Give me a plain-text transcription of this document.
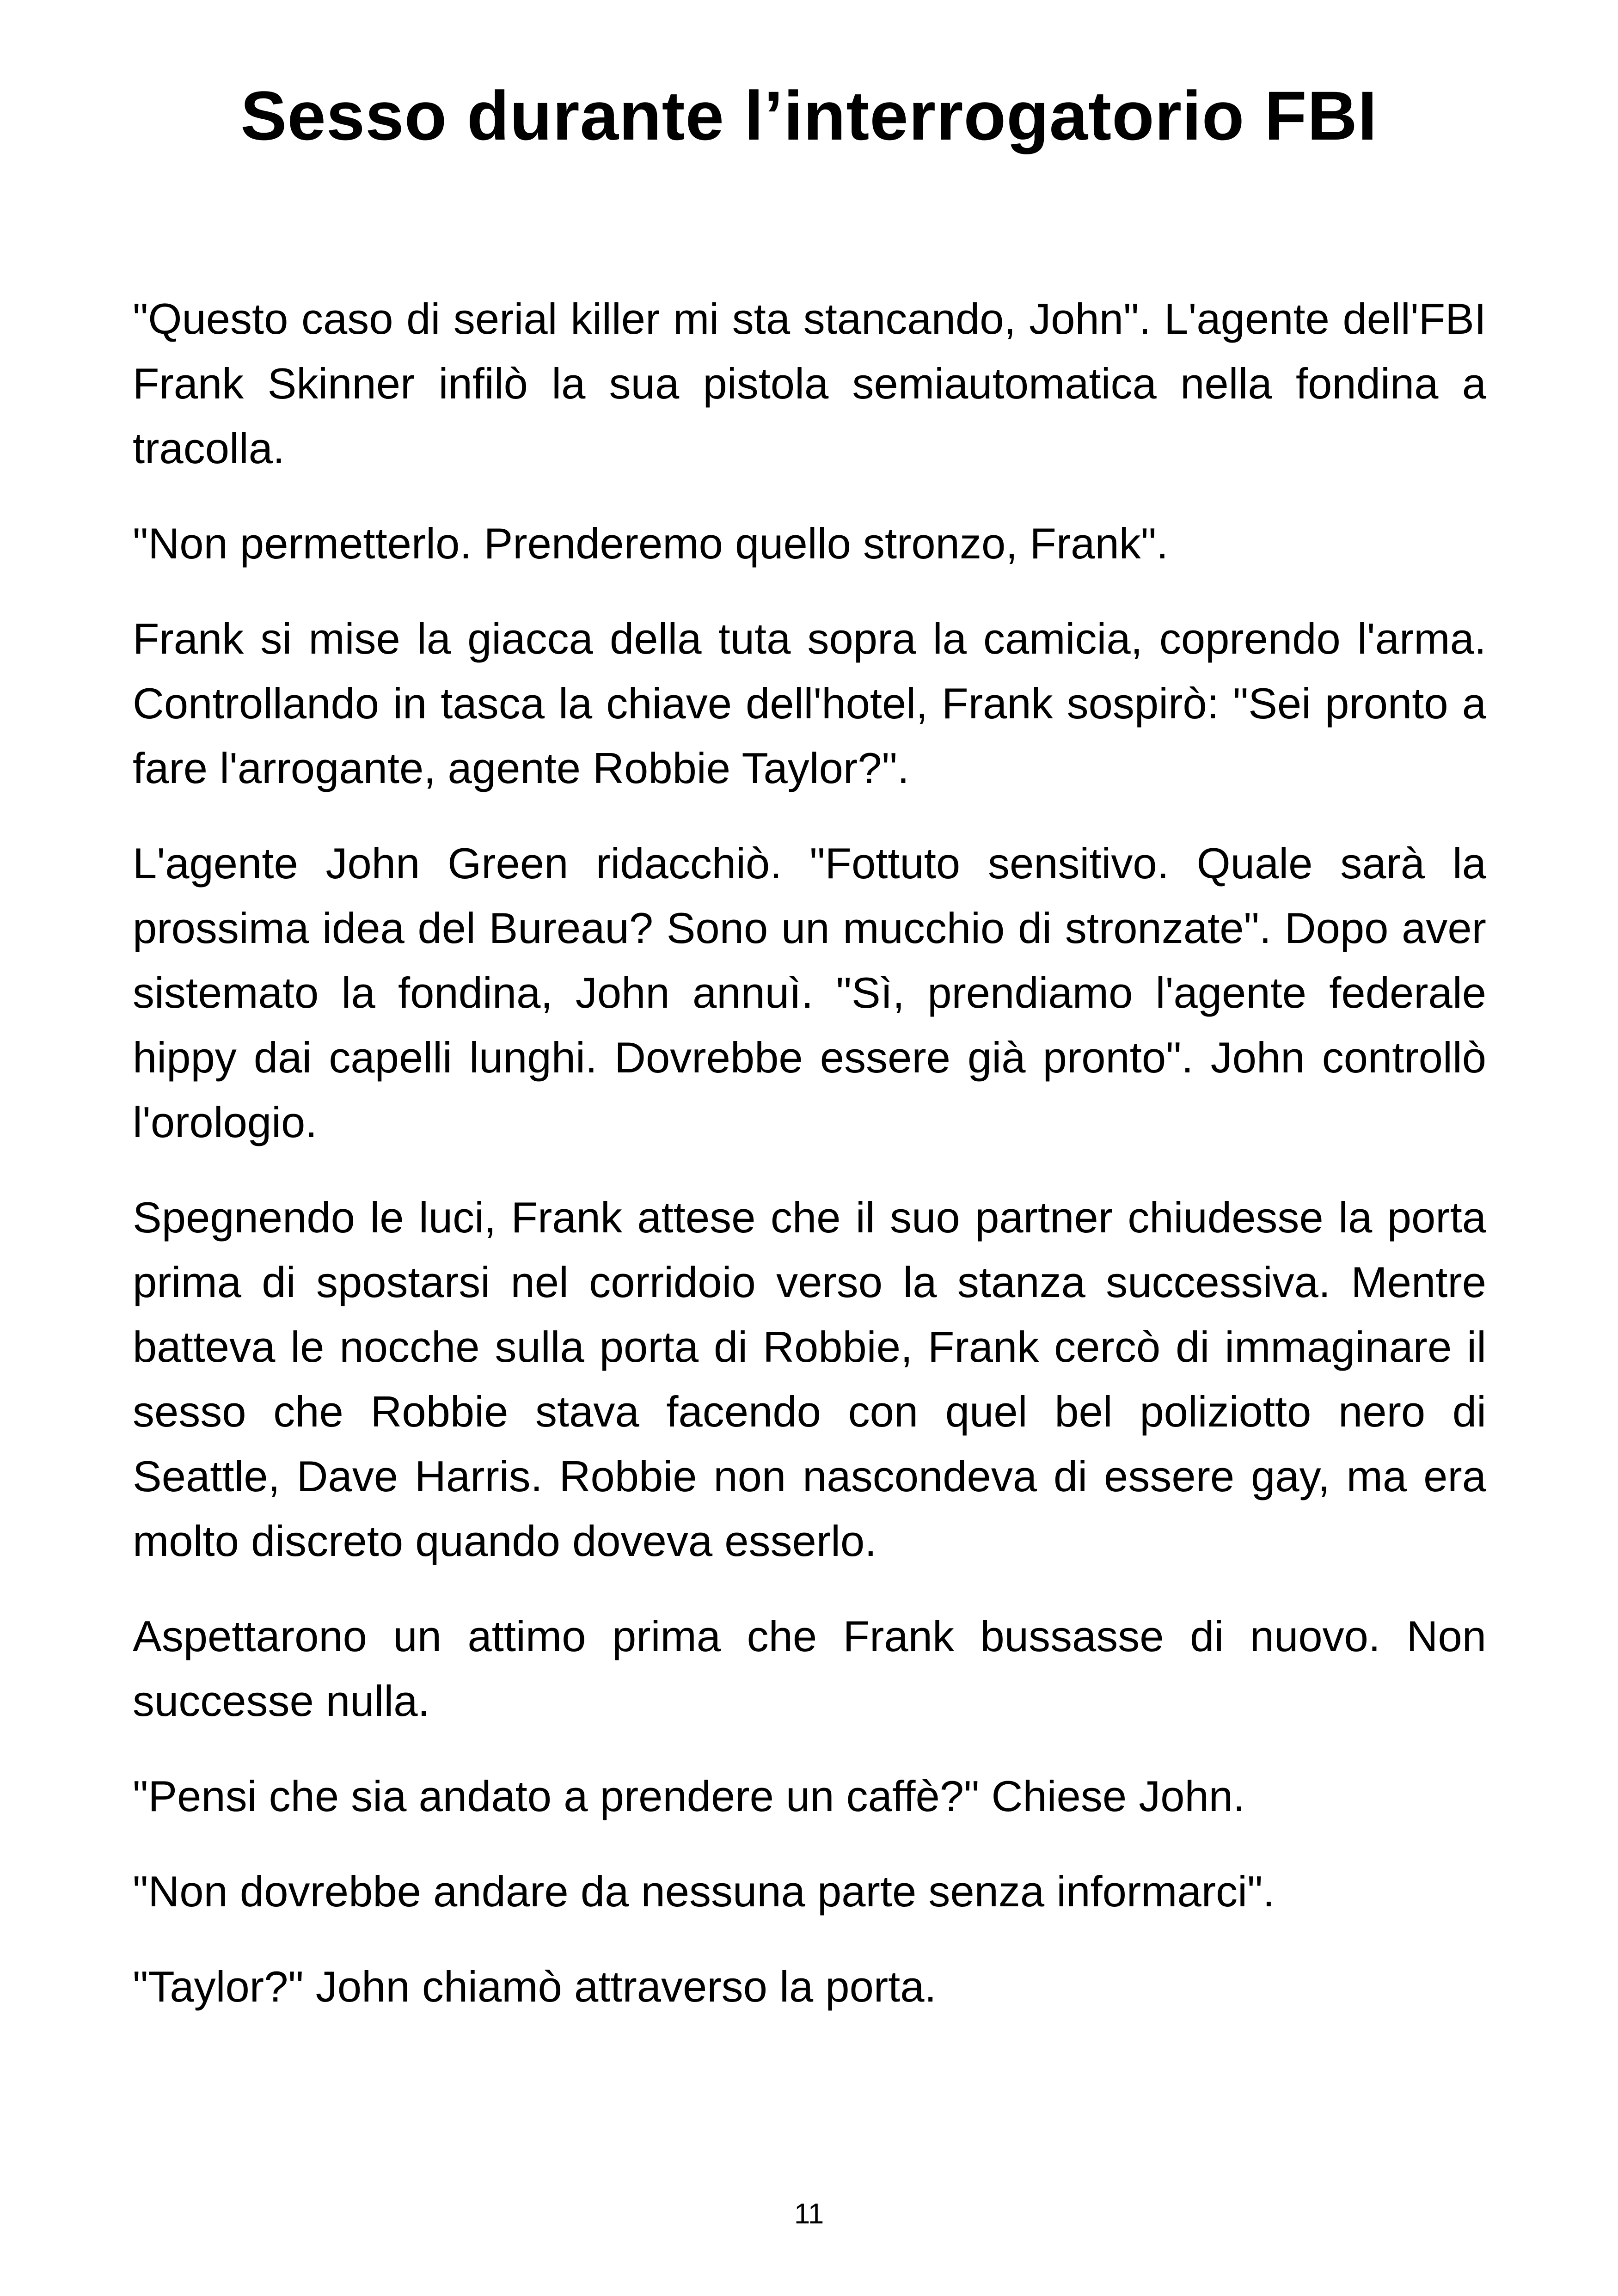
Sesso durante l’interrogatorio FBI

"Questo caso di serial killer mi sta stancando, John". L'agente dell'FBI Frank Skinner infilò la sua pistola semiautomatica nella fondina a tracolla.

"Non permetterlo. Prenderemo quello stronzo, Frank".

Frank si mise la giacca della tuta sopra la camicia, coprendo l'arma. Controllando in tasca la chiave dell'hotel, Frank sospirò: "Sei pronto a fare l'arrogante, agente Robbie Taylor?".

L'agente John Green ridacchiò. "Fottuto sensitivo. Quale sarà la prossima idea del Bureau? Sono un mucchio di stronzate". Dopo aver sistemato la fondina, John annuì. "Sì, prendiamo l'agente federale hippy dai capelli lunghi. Dovrebbe essere già pronto". John controllò l'orologio.

Spegnendo le luci, Frank attese che il suo partner chiudesse la porta prima di spostarsi nel corridoio verso la stanza successiva. Mentre batteva le nocche sulla porta di Robbie, Frank cercò di immaginare il sesso che Robbie stava facendo con quel bel poliziotto nero di Seattle, Dave Harris. Robbie non nascondeva di essere gay, ma era molto discreto quando doveva esserlo.

Aspettarono un attimo prima che Frank bussasse di nuovo. Non successe nulla.

"Pensi che sia andato a prendere un caffè?" Chiese John.

"Non dovrebbe andare da nessuna parte senza informarci".

"Taylor?" John chiamò attraverso la porta.

11
